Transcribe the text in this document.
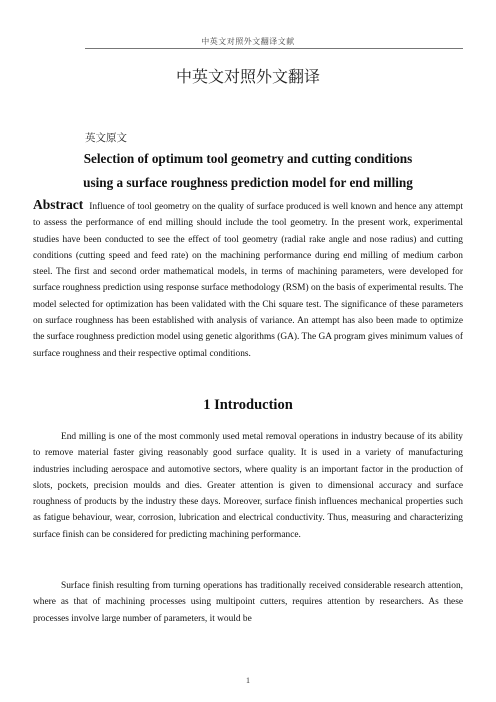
中英文对照外文翻译文献
中英文对照外文翻译
英文原文
Selection of optimum tool geometry and cutting conditions
using a surface roughness prediction model for end milling

Abstract Influence of tool geometry on the quality of surface produced is well known and hence any attempt to assess the performance of end milling should include the tool geometry. In the present work, experimental studies have been conducted to see the effect of tool geometry (radial rake angle and nose radius) and cutting conditions (cutting speed and feed rate) on the machining performance during end milling of medium carbon steel. The first and second order mathematical models, in terms of machining parameters, were developed for surface roughness prediction using response surface methodology (RSM) on the basis of experimental results. The model selected for optimization has been validated with the Chi square test. The significance of these parameters on surface roughness has been established with analysis of variance. An attempt has also been made to optimize the surface roughness prediction model using genetic algorithms (GA). The GA program gives minimum values of surface roughness and their respective optimal conditions.

1 Introduction

End milling is one of the most commonly used metal removal operations in industry because of its ability to remove material faster giving reasonably good surface quality. It is used in a variety of manufacturing industries including aerospace and automotive sectors, where quality is an important factor in the production of slots, pockets, precision moulds and dies. Greater attention is given to dimensional accuracy and surface roughness of products by the industry these days. Moreover, surface finish influences mechanical properties such as fatigue behaviour, wear, corrosion, lubrication and electrical conductivity. Thus, measuring and characterizing surface finish can be considered for predicting machining performance.

Surface finish resulting from turning operations has traditionally received considerable research attention, where as that of machining processes using multipoint cutters, requires attention by researchers. As these processes involve large number of parameters, it would be

1
